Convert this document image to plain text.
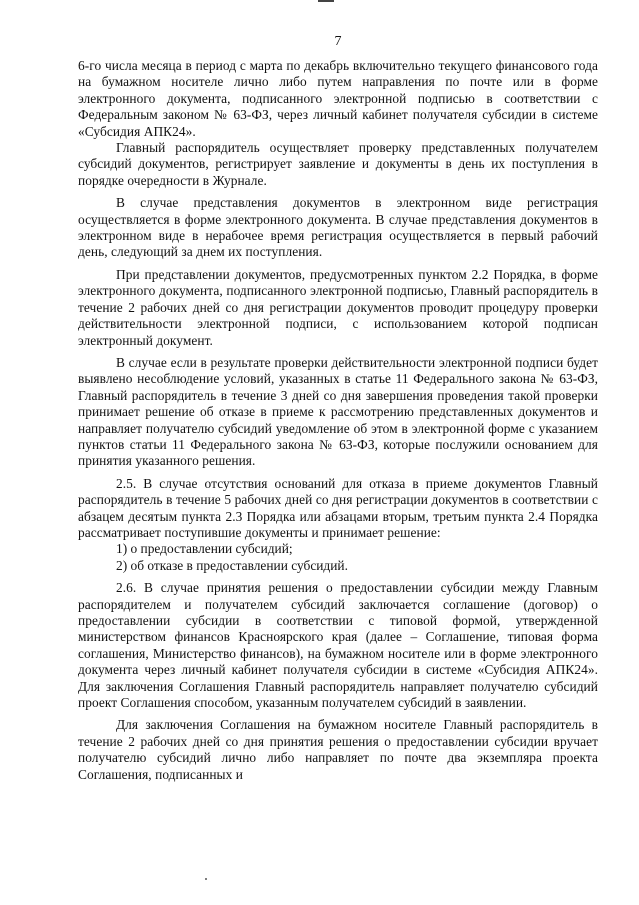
7

6-го числа месяца в период с марта по декабрь включительно текущего финансового года на бумажном носителе лично либо путем направления по почте или в форме электронного документа, подписанного электронной подписью в соответствии с Федеральным законом № 63-ФЗ, через личный кабинет получателя субсидии в системе «Субсидия АПК24».

Главный распорядитель осуществляет проверку представленных получателем субсидий документов, регистрирует заявление и документы в день их поступления в порядке очередности в Журнале.

В случае представления документов в электронном виде регистрация осуществляется в форме электронного документа. В случае представления документов в электронном виде в нерабочее время регистрация осуществляется в первый рабочий день, следующий за днем их поступления.

При представлении документов, предусмотренных пунктом 2.2 Порядка, в форме электронного документа, подписанного электронной подписью, Главный распорядитель в течение 2 рабочих дней со дня регистрации документов проводит процедуру проверки действительности электронной подписи, с использованием которой подписан электронный документ.

В случае если в результате проверки действительности электронной подписи будет выявлено несоблюдение условий, указанных в статье 11 Федерального закона № 63-ФЗ, Главный распорядитель в течение 3 дней со дня завершения проведения такой проверки принимает решение об отказе в приеме к рассмотрению представленных документов и направляет получателю субсидий уведомление об этом в электронной форме с указанием пунктов статьи 11 Федерального закона № 63-ФЗ, которые послужили основанием для принятия указанного решения.

2.5. В случае отсутствия оснований для отказа в приеме документов Главный распорядитель в течение 5 рабочих дней со дня регистрации документов в соответствии с абзацем десятым пункта 2.3 Порядка или абзацами вторым, третьим пункта 2.4 Порядка рассматривает поступившие документы и принимает решение:

1) о предоставлении субсидий;

2) об отказе в предоставлении субсидий.

2.6. В случае принятия решения о предоставлении субсидии между Главным распорядителем и получателем субсидий заключается соглашение (договор) о предоставлении субсидии в соответствии с типовой формой, утвержденной министерством финансов Красноярского края (далее – Соглашение, типовая форма соглашения, Министерство финансов), на бумажном носителе или в форме электронного документа через личный кабинет получателя субсидии в системе «Субсидия АПК24». Для заключения Соглашения Главный распорядитель направляет получателю субсидий проект Соглашения способом, указанным получателем субсидий в заявлении.

Для заключения Соглашения на бумажном носителе Главный распорядитель в течение 2 рабочих дней со дня принятия решения о предоставлении субсидии вручает получателю субсидий лично либо направляет по почте два экземпляра проекта Соглашения, подписанных и
